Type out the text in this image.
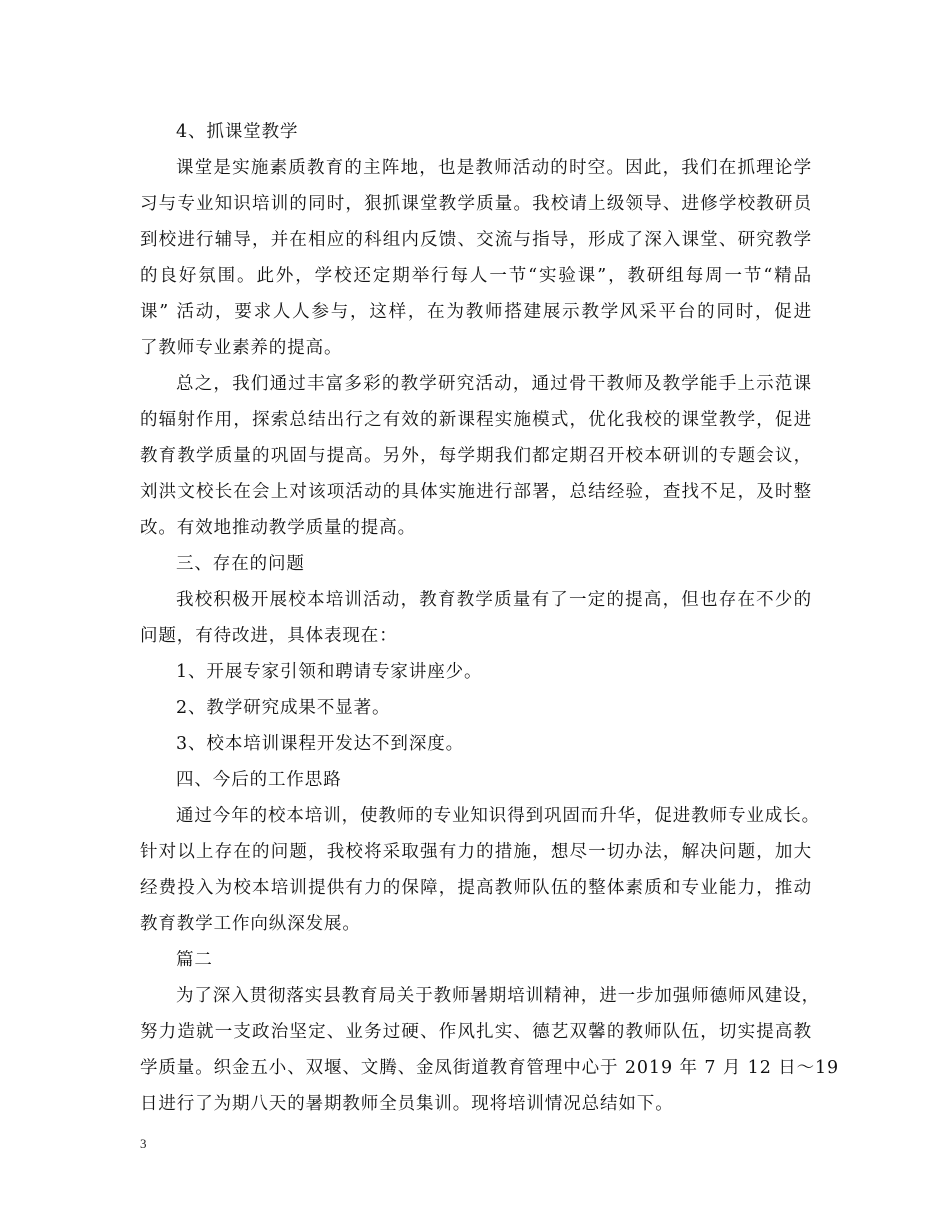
4、抓课堂教学
课堂是实施素质教育的主阵地，也是教师活动的时空。因此，我们在抓理论学
习与专业知识培训的同时，狠抓课堂教学质量。我校请上级领导、进修学校教研员
到校进行辅导，并在相应的科组内反馈、交流与指导，形成了深入课堂、研究教学
的良好氛围。此外，学校还定期举行每人一节“实验课”，教研组每周一节“精品
课” 活动，要求人人参与，这样，在为教师搭建展示教学风采平台的同时，促进
了教师专业素养的提高。
总之，我们通过丰富多彩的教学研究活动，通过骨干教师及教学能手上示范课
的辐射作用，探索总结出行之有效的新课程实施模式，优化我校的课堂教学，促进
教育教学质量的巩固与提高。另外，每学期我们都定期召开校本研训的专题会议，
刘洪文校长在会上对该项活动的具体实施进行部署，总结经验，查找不足，及时整
改。有效地推动教学质量的提高。
三、存在的问题
我校积极开展校本培训活动，教育教学质量有了一定的提高，但也存在不少的
问题，有待改进，具体表现在：
1、开展专家引领和聘请专家讲座少。
2、教学研究成果不显著。
3、校本培训课程开发达不到深度。
四、今后的工作思路
通过今年的校本培训，使教师的专业知识得到巩固而升华，促进教师专业成长。
针对以上存在的问题，我校将采取强有力的措施，想尽一切办法，解决问题，加大
经费投入为校本培训提供有力的保障，提高教师队伍的整体素质和专业能力，推动
教育教学工作向纵深发展。
篇二
为了深入贯彻落实县教育局关于教师暑期培训精神，进一步加强师德师风建设，
努力造就一支政治坚定、业务过硬、作风扎实、德艺双馨的教师队伍，切实提高教
学质量。织金五小、双堰、文腾、金凤街道教育管理中心于 2019 年 7 月 12 日～19
日进行了为期八天的暑期教师全员集训。现将培训情况总结如下。
3
